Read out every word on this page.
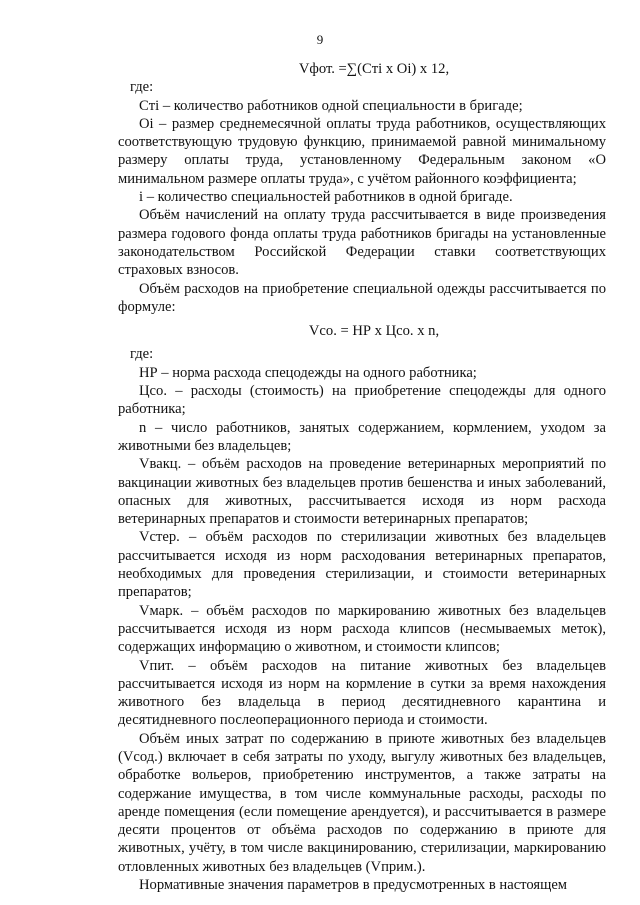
9

Vфот. =∑(Cтi х Оi) х 12,

где:

Cтi – количество работников одной специальности в бригаде;

Оi – размер среднемесячной оплаты труда работников, осуществляющих соответствующую трудовую функцию, принимаемой равной минимальному размеру оплаты труда, установленному Федеральным законом «О минимальном размере оплаты труда», с учётом районного коэффициента;

i – количество специальностей работников в одной бригаде.

Объём начислений на оплату труда рассчитывается в виде произведения размера годового фонда оплаты труда работников бригады на установленные законодательством Российской Федерации ставки соответствующих страховых взносов.

Объём расходов на приобретение специальной одежды рассчитывается по формуле:

Vсо. = НР х Цсо. х n,

где:

НР – норма расхода спецодежды на одного работника;

Цсо. – расходы (стоимость) на приобретение спецодежды для одного работника;

n – число работников, занятых содержанием, кормлением, уходом за животными без владельцев;

Vвакц. – объём расходов на проведение ветеринарных мероприятий по вакцинации животных без владельцев против бешенства и иных заболеваний, опасных для животных, рассчитывается исходя из норм расхода ветеринарных препаратов и стоимости ветеринарных препаратов;

Vстер. – объём расходов по стерилизации животных без владельцев рассчитывается исходя из норм расходования ветеринарных препаратов, необходимых для проведения стерилизации, и стоимости ветеринарных препаратов;

Vмарк. – объём расходов по маркированию животных без владельцев рассчитывается исходя из норм расхода клипсов (несмываемых меток), содержащих информацию о животном, и стоимости клипсов;

Vпит. – объём расходов на питание животных без владельцев рассчитывается исходя из норм на кормление в сутки за время нахождения животного без владельца в период десятидневного карантина и десятидневного послеоперационного периода и стоимости.

Объём иных затрат по содержанию в приюте животных без владельцев (Vсод.) включает в себя затраты по уходу, выгулу животных без владельцев, обработке вольеров, приобретению инструментов, а также затраты на содержание имущества, в том числе коммунальные расходы, расходы по аренде помещения (если помещение арендуется), и рассчитывается в размере десяти процентов от объёма расходов по содержанию в приюте для животных, учёту, в том числе вакцинированию, стерилизации, маркированию отловленных животных без владельцев (Vприм.).

Нормативные значения параметров в предусмотренных в настоящем
